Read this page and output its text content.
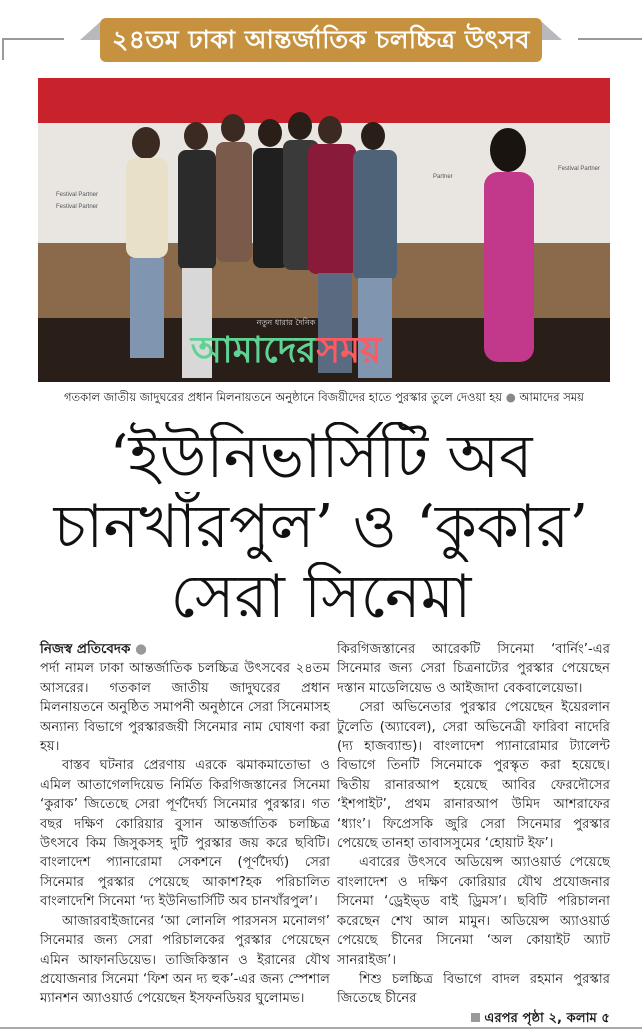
২৪তম ঢাকা আন্তর্জাতিক চলচ্চিত্র উৎসব
Festival Partner
Festival Partner
Partner
Festival Partner
নতুন ধারার দৈনিক
আমাদেরসময়
গতকাল জাতীয় জাদুঘরের প্রধান মিলনায়তনে অনুষ্ঠানে বিজয়ীদের হাতে পুরস্কার তুলে দেওয়া হয় ● আমাদের সময়
‘ইউনিভার্সিটি অব
চানখাঁরপুল’ ও ‘কুকার’
সেরা সিনেমা
নিজস্ব প্রতিবেদক ●

পর্দা নামল ঢাকা আন্তর্জাতিক চলচ্চিত্র উৎসবের ২৪তম আসরের। গতকাল জাতীয় জাদুঘরের প্রধান মিলনায়তনে অনুষ্ঠিত সমাপনী অনুষ্ঠানে সেরা সিনেমাসহ অন্যান্য বিভাগে পুরস্কারজয়ী সিনেমার নাম ঘোষণা করা হয়।

বাস্তব ঘটনার প্রেরণায় এরকে ঝমাকমাতোভা ও এমিল আতাগেলদিয়েভ নির্মিত কিরগিজস্তানের সিনেমা ‘কুরাক’ জিতেছে সেরা পূর্ণদৈর্ঘ্য সিনেমার পুরস্কার। গত বছর দক্ষিণ কোরিয়ার বুসান আন্তর্জাতিক চলচ্চিত্র উৎসবে কিম জিসুকসহ দুটি পুরস্কার জয় করে ছবিটি। বাংলাদেশ প্যানারোমা সেকশনে (পূর্ণদৈর্ঘ্য) সেরা সিনেমার পুরস্কার পেয়েছে আকাশ?হক পরিচালিত বাংলাদেশি সিনেমা ‘দ্য ইউনিভার্সিটি অব চানখাঁরপুল’।

আজারবাইজানের ‘আ লোনলি পারসনস মনোলগ’ সিনেমার জন্য সেরা পরিচালকের পুরস্কার পেয়েছেন এমিন আফানডিয়েভ। তাজিকিস্তান ও ইরানের যৌথ প্রযোজনার সিনেমা ‘ফিশ অন দ্য হুক’-এর জন্য স্পেশাল ম্যানশন অ্যাওয়ার্ড পেয়েছেন ইসফনডিয়র ঘুলোমভ।

কিরগিজস্তানের আরেকটি সিনেমা ‘বার্নিং’-এর সিনেমার জন্য সেরা চিত্রনাট্যের পুরস্কার পেয়েছেন দস্তান মাডেলিয়েভ ও আইজাদা বেকবালেয়েভা।

সেরা অভিনেতার পুরস্কার পেয়েছেন ইয়েরলান টুলেতি (অ্যাবেল), সেরা অভিনেত্রী ফারিবা নাদেরি (দ্য হাজব্যান্ড)। বাংলাদেশ প্যানারোমার ট্যালেন্ট বিভাগে তিনটি সিনেমাকে পুরস্কৃত করা হয়েছে। দ্বিতীয় রানারআপ হয়েছে আবির ফেরদৌসের ‘ইশপাইট’, প্রথম রানারআপ উমিদ আশরাফের ‘ধ্যাং’। ফিপ্রেসকি জুরি সেরা সিনেমার পুরস্কার পেয়েছে তানহা তাবাসসুমের ‘হোয়াট ইফ’।

এবারের উৎসবে অডিয়েন্স অ্যাওয়ার্ড পেয়েছে বাংলাদেশ ও দক্ষিণ কোরিয়ার যৌথ প্রযোজনার সিনেমা ‘ড্রেইভ্ড বাই ড্রিমস’। ছবিটি পরিচালনা করেছেন শেখ আল মামুন। অডিয়েন্স অ্যাওয়ার্ড পেয়েছে চীনের সিনেমা ‘অল কোয়াইট অ্যাট সানরাইজ’।

শিশু চলচ্চিত্র বিভাগে বাদল রহমান পুরস্কার জিতেছে চীনের

এরপর পৃষ্ঠা ২, কলাম ৫
